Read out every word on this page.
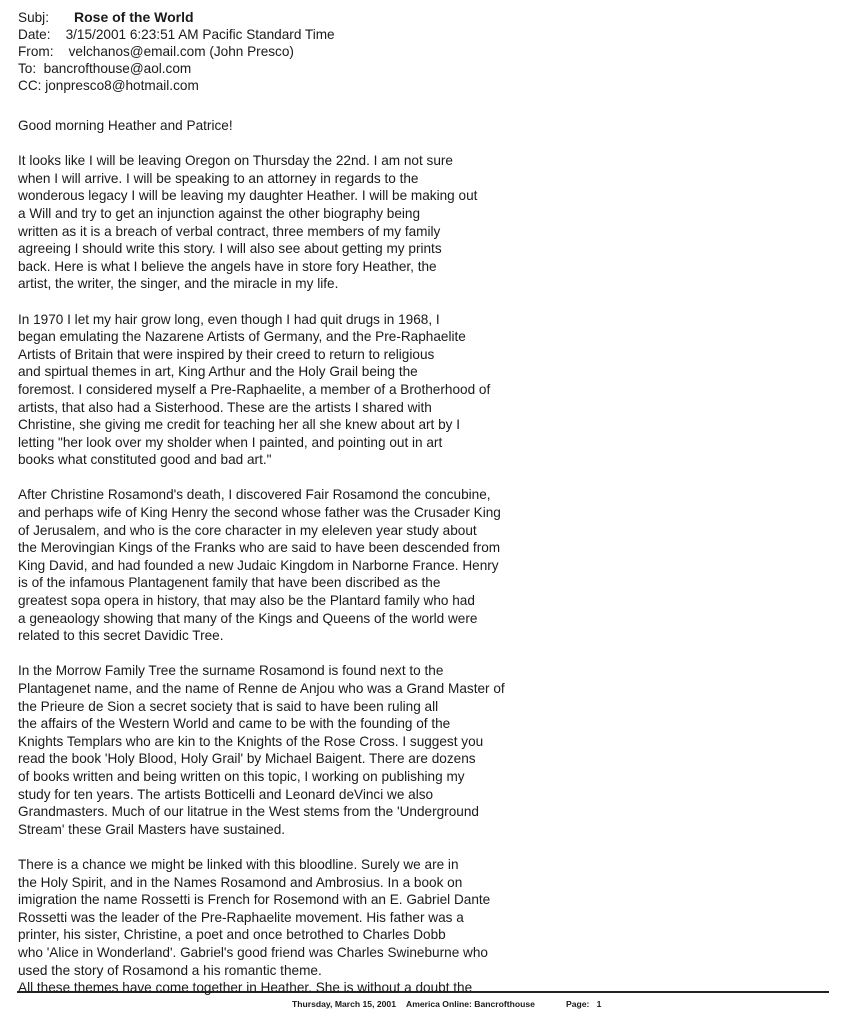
Subj: Rose of the World
Date:    3/15/2001 6:23:51 AM Pacific Standard Time
From:    velchanos@email.com (John Presco)
To:  bancrofthouse@aol.com
CC: jonpresco8@hotmail.com

Good morning Heather and Patrice!

It looks like I will be leaving Oregon on Thursday the 22nd. I am not sure
when I will arrive. I will be speaking to an attorney in regards to the
wonderous legacy I will be leaving my daughter Heather. I will be making out
a Will and try to get an injunction against the other biography being
written as it is a breach of verbal contract, three members of my family
agreeing I should write this story. I will also see about getting my prints
back. Here is what I believe the angels have in store fory Heather, the
artist, the writer, the singer, and the miracle in my life.

In 1970 I let my hair grow long, even though I had quit drugs in 1968, I
began emulating the Nazarene Artists of Germany, and the Pre-Raphaelite
Artists of Britain that were inspired by their creed to return to religious
and spirtual themes in art, King Arthur and the Holy Grail being the
foremost. I considered myself a Pre-Raphaelite, a member of a Brotherhood of
artists, that also had a Sisterhood. These are the artists I shared with
Christine, she giving me credit for teaching her all she knew about art by I
letting "her look over my sholder when I painted, and pointing out in art
books what constituted good and bad art."

After Christine Rosamond's death, I discovered Fair Rosamond the concubine,
and perhaps wife of King Henry the second whose father was the Crusader King
of Jerusalem, and who is the core character in my eleleven year study about
the Merovingian Kings of the Franks who are said to have been descended from
King David, and had founded a new Judaic Kingdom in Narborne France. Henry
is of the infamous Plantagenent family that have been discribed as the
greatest sopa opera in history, that may also be the Plantard family who had
a geneaology showing that many of the Kings and Queens of the world were
related to this secret Davidic Tree.

In the Morrow Family Tree the surname Rosamond is found next to the
Plantagenet name, and the name of Renne de Anjou who was a Grand Master of
the Prieure de Sion a secret society that is said to have been ruling all
the affairs of the Western World and came to be with the founding of the
Knights Templars who are kin to the Knights of the Rose Cross. I suggest you
read the book 'Holy Blood, Holy Grail' by Michael Baigent. There are dozens
of books written and being written on this topic, I working on publishing my
study for ten years. The artists Botticelli and Leonard deVinci we also
Grandmasters. Much of our litatrue in the West stems from the 'Underground
Stream' these Grail Masters have sustained.

There is a chance we might be linked with this bloodline. Surely we are in
the Holy Spirit, and in the Names Rosamond and Ambrosius. In a book on
imigration the name Rossetti is French for Rosemond with an E. Gabriel Dante
Rossetti was the leader of the Pre-Raphaelite movement. His father was a
printer, his sister, Christine, a poet and once betrothed to Charles Dobb
who 'Alice in Wonderland'. Gabriel's good friend was Charles Swineburne who
used the story of Rosamond a his romantic theme.
All these themes have come together in Heather. She is without a doubt the

Thursday, March 15, 2001 America Online: Bancrofthouse	Page:   1
